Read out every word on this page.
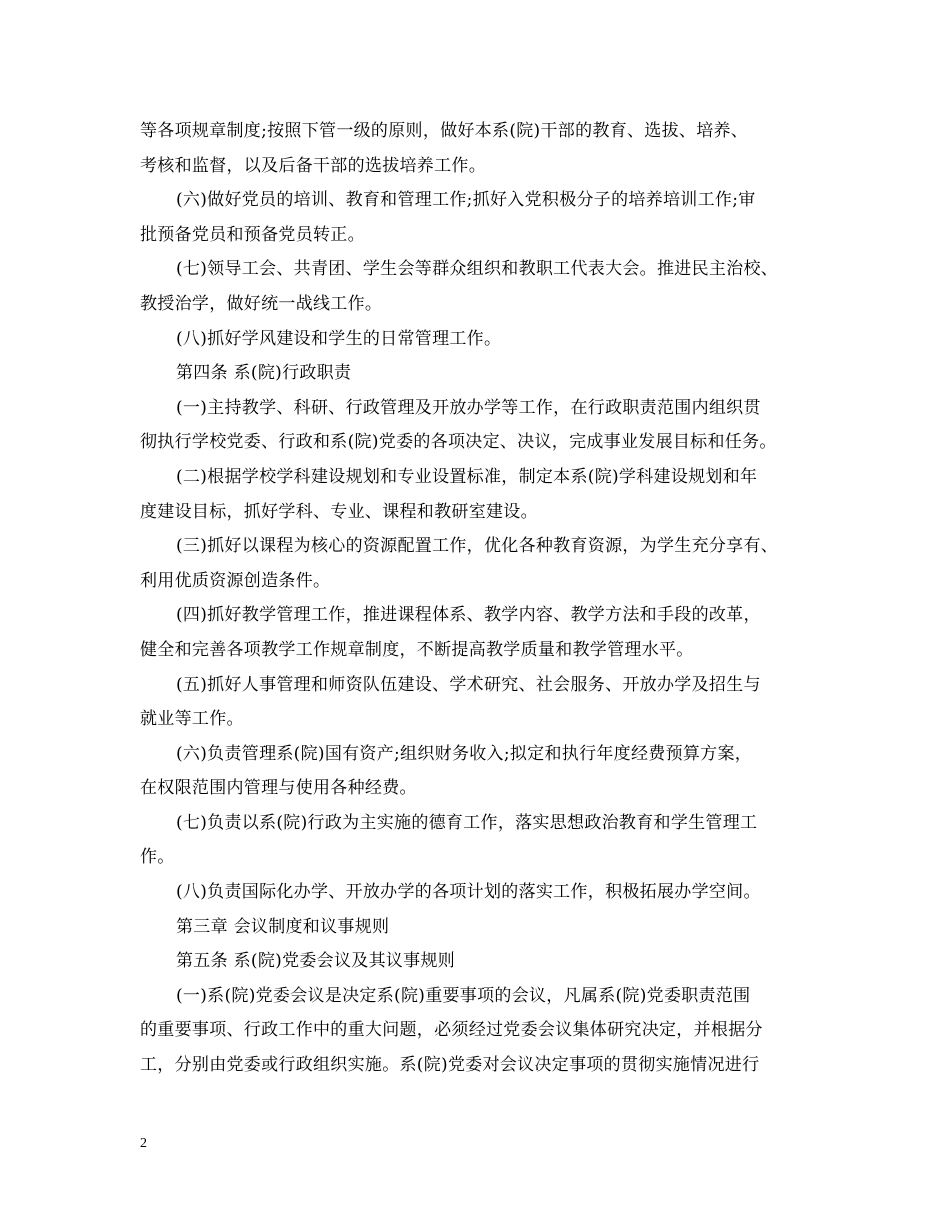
等各项规章制度;按照下管一级的原则，做好本系(院)干部的教育、选拔、培养、
考核和监督，以及后备干部的选拔培养工作。
(六)做好党员的培训、教育和管理工作;抓好入党积极分子的培养培训工作;审
批预备党员和预备党员转正。
(七)领导工会、共青团、学生会等群众组织和教职工代表大会。推进民主治校、
教授治学，做好统一战线工作。
(八)抓好学风建设和学生的日常管理工作。
第四条 系(院)行政职责
(一)主持教学、科研、行政管理及开放办学等工作，在行政职责范围内组织贯
彻执行学校党委、行政和系(院)党委的各项决定、决议，完成事业发展目标和任务。
(二)根据学校学科建设规划和专业设置标准，制定本系(院)学科建设规划和年
度建设目标，抓好学科、专业、课程和教研室建设。
(三)抓好以课程为核心的资源配置工作，优化各种教育资源，为学生充分享有、
利用优质资源创造条件。
(四)抓好教学管理工作，推进课程体系、教学内容、教学方法和手段的改革，
健全和完善各项教学工作规章制度，不断提高教学质量和教学管理水平。
(五)抓好人事管理和师资队伍建设、学术研究、社会服务、开放办学及招生与
就业等工作。
(六)负责管理系(院)国有资产;组织财务收入;拟定和执行年度经费预算方案，
在权限范围内管理与使用各种经费。
(七)负责以系(院)行政为主实施的德育工作，落实思想政治教育和学生管理工
作。
(八)负责国际化办学、开放办学的各项计划的落实工作，积极拓展办学空间。
第三章 会议制度和议事规则
第五条 系(院)党委会议及其议事规则
(一)系(院)党委会议是决定系(院)重要事项的会议，凡属系(院)党委职责范围
的重要事项、行政工作中的重大问题，必须经过党委会议集体研究决定，并根据分
工，分别由党委或行政组织实施。系(院)党委对会议决定事项的贯彻实施情况进行
2
